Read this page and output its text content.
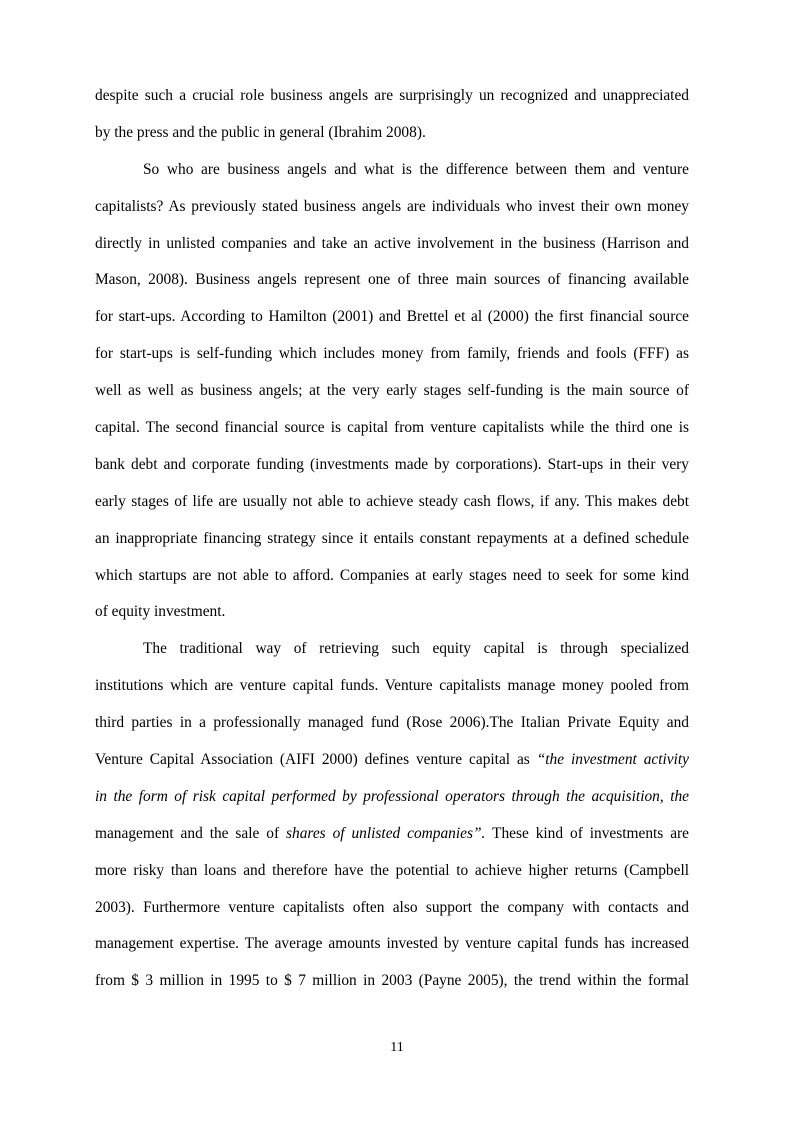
despite such a crucial role business angels are surprisingly un recognized and unappreciated
by the press and the public in general (Ibrahim 2008).
So who are business angels and what is the difference between them and venture
capitalists? As previously stated business angels are individuals who invest their own money
directly in unlisted companies and take an active involvement in the business (Harrison and
Mason, 2008). Business angels represent one of three main sources of financing available
for start-ups. According to Hamilton (2001) and Brettel et al (2000) the first financial source
for start-ups is self-funding which includes money from family, friends and fools (FFF) as
well as well as business angels; at the very early stages self-funding is the main source of
capital. The second financial source is capital from venture capitalists while the third one is
bank debt and corporate funding (investments made by corporations). Start-ups in their very
early stages of life are usually not able to achieve steady cash flows, if any. This makes debt
an inappropriate financing strategy since it entails constant repayments at a defined schedule
which startups are not able to afford. Companies at early stages need to seek for some kind
of equity investment.
The traditional way of retrieving such equity capital is through specialized
institutions which are venture capital funds. Venture capitalists manage money pooled from
third parties in a professionally managed fund (Rose 2006).The Italian Private Equity and
Venture Capital Association (AIFI 2000) defines venture capital as “the investment activity
in the form of risk capital performed by professional operators through the acquisition, the
management and the sale of shares of unlisted companies”. These kind of investments are
more risky than loans and therefore have the potential to achieve higher returns (Campbell
2003). Furthermore venture capitalists often also support the company with contacts and
management expertise. The average amounts invested by venture capital funds has increased
from $ 3 million in 1995 to $ 7 million in 2003 (Payne 2005), the trend within the formal
11
